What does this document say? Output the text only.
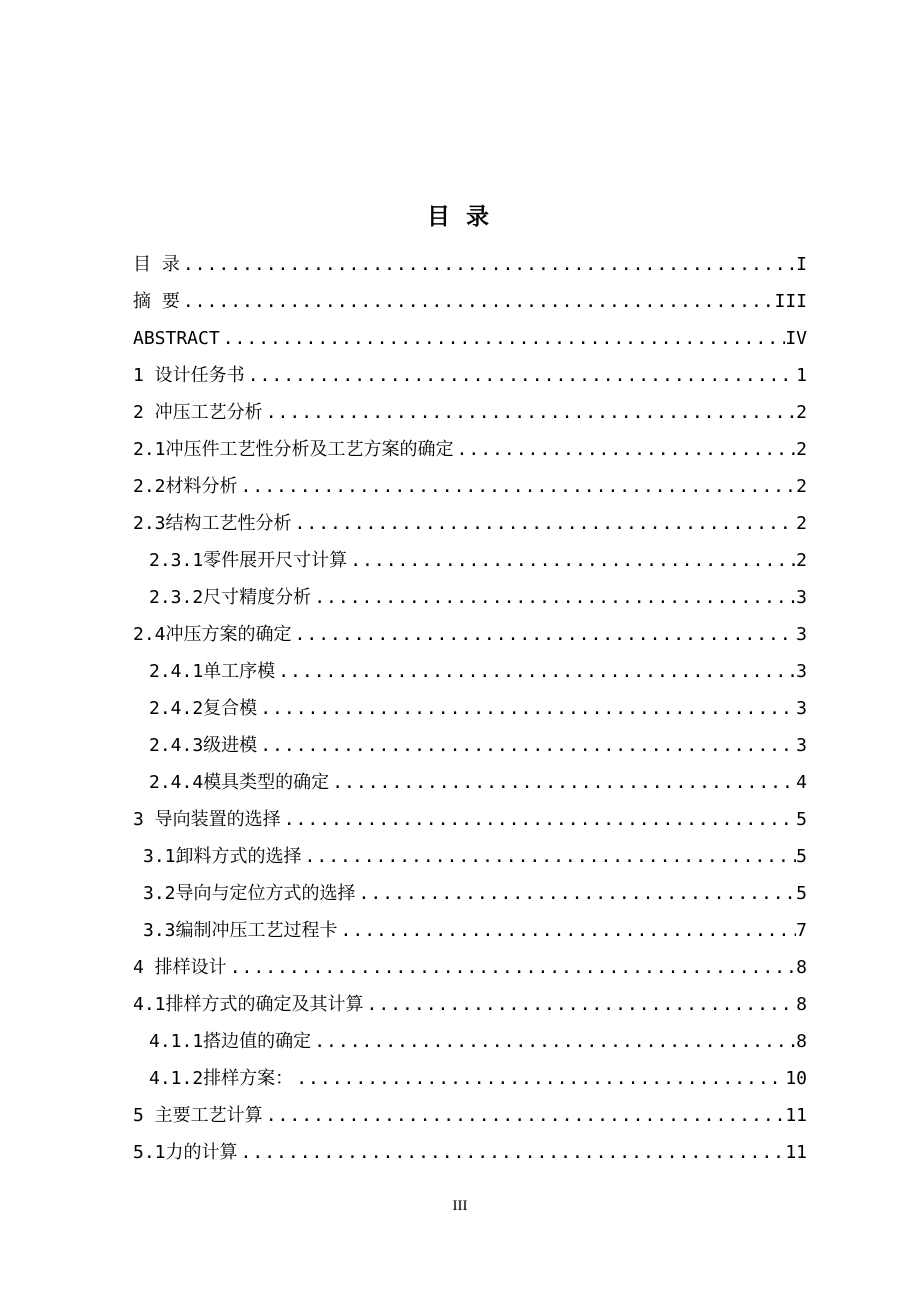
目 录
目 录 .....	I
摘 要 .....	III
ABSTRACT .....	IV
1 设计任务书 .....	1
2 冲压工艺分析 .....	2
2.1冲压件工艺性分析及工艺方案的确定 .....	2
2.2材料分析 .....	2
2.3结构工艺性分析 .....	2
2.3.1零件展开尺寸计算 .....	2
2.3.2尺寸精度分析 .....	3
2.4冲压方案的确定 .....	3
2.4.1单工序模 .....	3
2.4.2复合模 .....	3
2.4.3级进模 .....	3
2.4.4模具类型的确定 .....	4
3 导向装置的选择 .....	5
3.1卸料方式的选择 .....	5
3.2导向与定位方式的选择 .....	5
3.3编制冲压工艺过程卡 .....	7
4 排样设计 .....	8
4.1排样方式的确定及其计算 .....	8
4.1.1搭边值的确定 .....	8
4.1.2排样方案： .....	10
5 主要工艺计算 .....	11
5.1力的计算 .....	11
III
